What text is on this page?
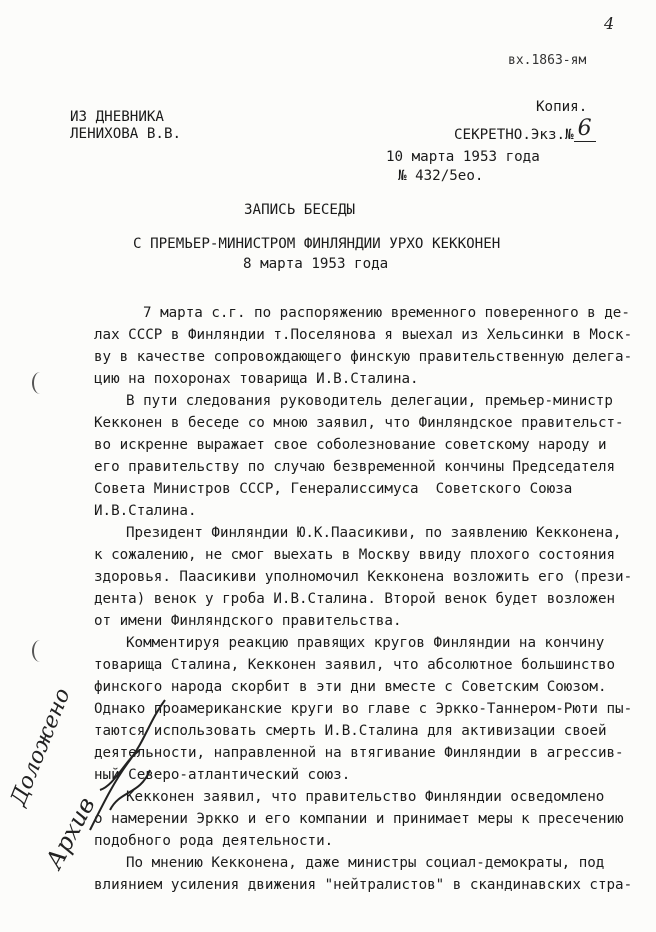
4
вх.1863-ям
ИЗ ДНЕВНИКА
ЛЕНИХОВА В.В.
Копия.
СЕКРЕТНО.Экз.№ 6
10 марта 1953 года
№ 432/5ео.
ЗАПИСЬ БЕСЕДЫ
С ПРЕМЬЕР-МИНИСТРОМ ФИНЛЯНДИИ УРХО КЕККОНЕН
8 марта 1953 года
7 марта с.г. по распоряжению временного поверенного в де-
лах СССР в Финляндии т.Поселянова я выехал из Хельсинки в Моск-
ву в качестве сопровождающего финскую правительственную делега-
цию на похоронах товарища И.В.Сталина.
В пути следования руководитель делегации, премьер-министр
Кекконен в беседе со мною заявил, что Финляндское правительст-
во искренне выражает свое соболезнование советскому народу и
его правительству по случаю безвременной кончины Председателя
Совета Министров СССР, Генералиссимуса  Советского Союза
И.В.Сталина.
Президент Финляндии Ю.К.Паасикиви, по заявлению Кекконена,
к сожалению, не смог выехать в Москву ввиду плохого состояния
здоровья. Паасикиви уполномочил Кекконена возложить его (прези-
дента) венок у гроба И.В.Сталина. Второй венок будет возложен
от имени Финляндского правительства.
Комментируя реакцию правящих кругов Финляндии на кончину
товарища Сталина, Кекконен заявил, что абсолютное большинство
финского народа скорбит в эти дни вместе с Советским Союзом.
Однако проамериканские круги во главе с Эркко-Таннером-Рюти пы-
таются использовать смерть И.В.Сталина для активизации своей
деятельности, направленной на втягивание Финляндии в агрессив-
ный Северо-атлантический союз.
Кекконен заявил, что правительство Финляндии осведомлено
о намерении Эркко и его компании и принимает меры к пресечению
подобного рода деятельности.
По мнению Кекконена, даже министры социал-демократы, под
влиянием усиления движения "нейтралистов" в скандинавских стра-
Доложено
Архив
